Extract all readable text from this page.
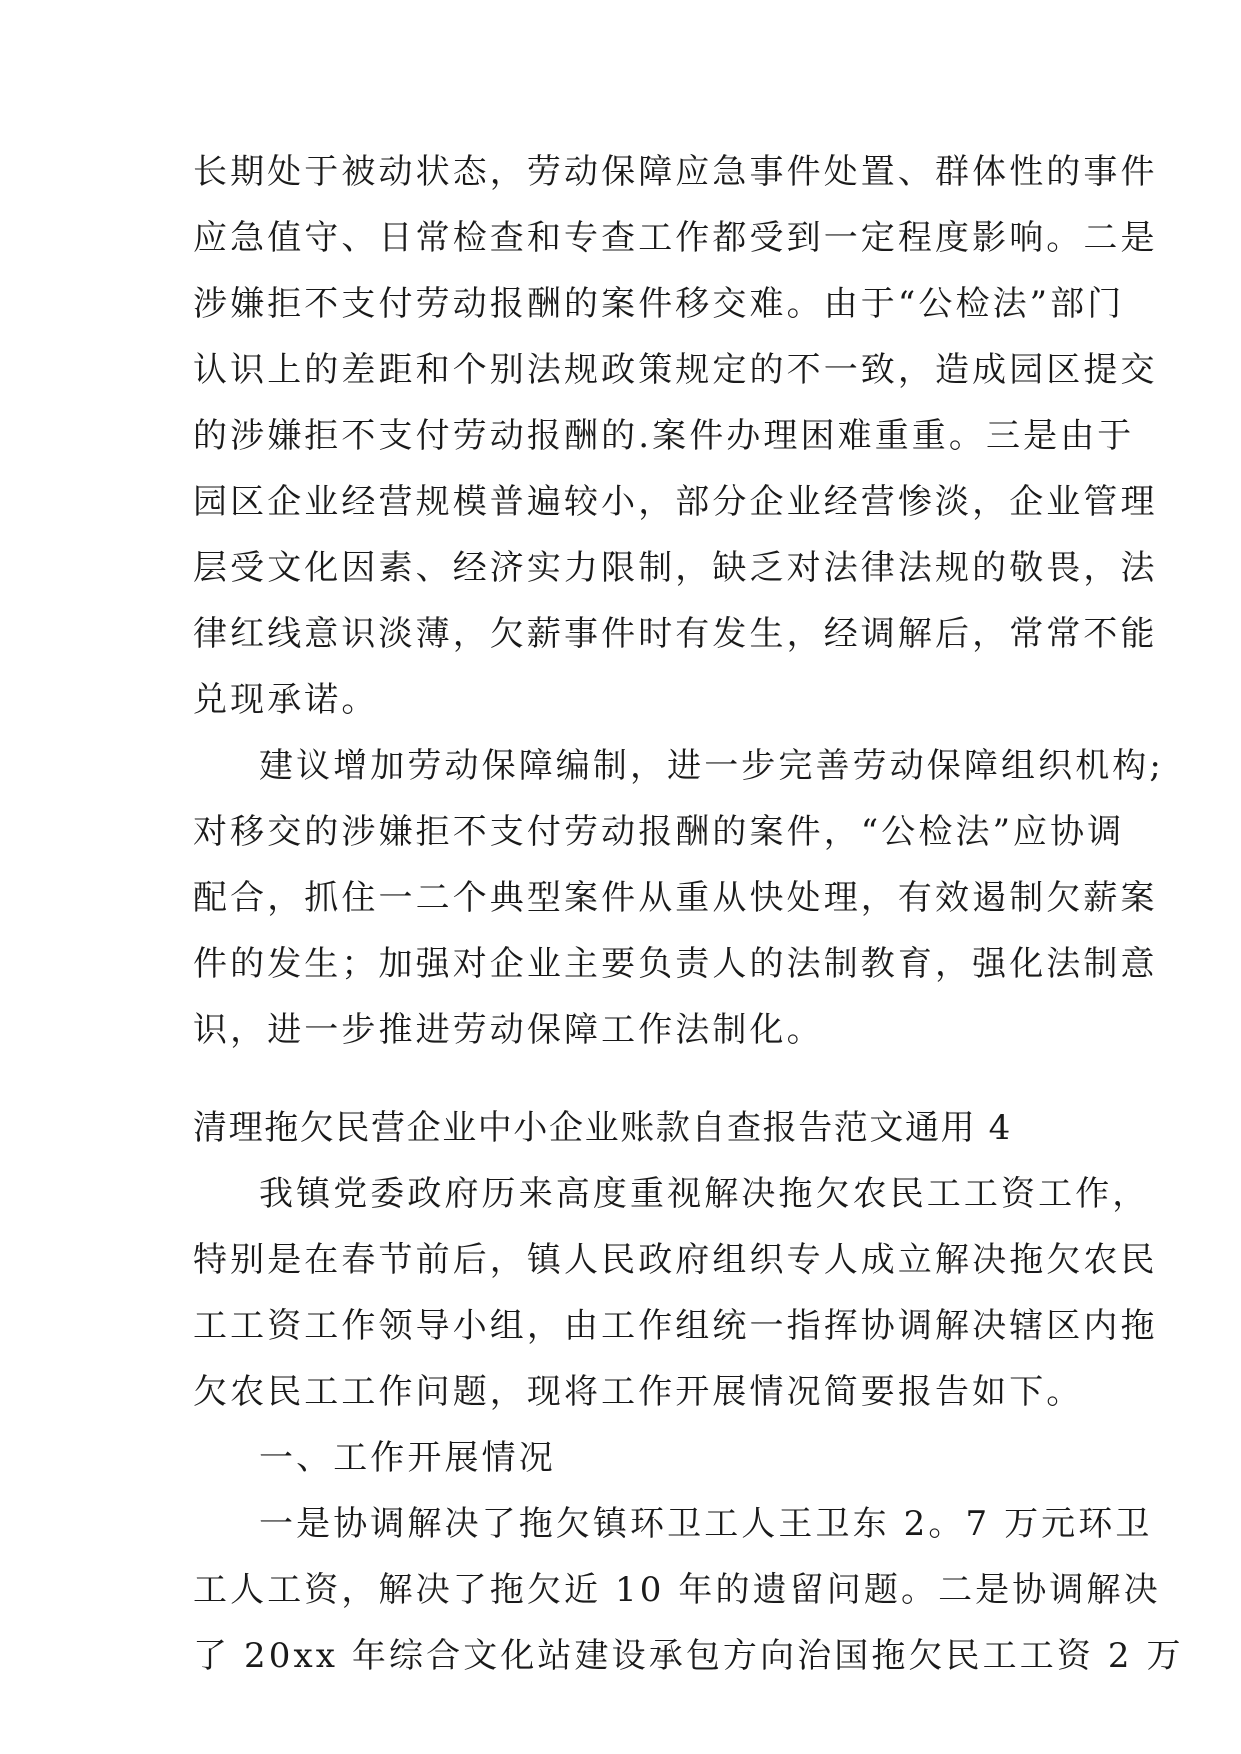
长期处于被动状态，劳动保障应急事件处置、群体性的事件
应急值守、日常检查和专查工作都受到一定程度影响。二是
涉嫌拒不支付劳动报酬的案件移交难。由于“公检法”部门
认识上的差距和个别法规政策规定的不一致，造成园区提交
的涉嫌拒不支付劳动报酬的.案件办理困难重重。三是由于
园区企业经营规模普遍较小，部分企业经营惨淡，企业管理
层受文化因素、经济实力限制，缺乏对法律法规的敬畏，法
律红线意识淡薄，欠薪事件时有发生，经调解后，常常不能
兑现承诺。
建议增加劳动保障编制，进一步完善劳动保障组织机构;
对移交的涉嫌拒不支付劳动报酬的案件，“公检法”应协调
配合，抓住一二个典型案件从重从快处理，有效遏制欠薪案
件的发生；加强对企业主要负责人的法制教育，强化法制意
识，进一步推进劳动保障工作法制化。
清理拖欠民营企业中小企业账款自查报告范文通用 4
我镇党委政府历来高度重视解决拖欠农民工工资工作，
特别是在春节前后，镇人民政府组织专人成立解决拖欠农民
工工资工作领导小组，由工作组统一指挥协调解决辖区内拖
欠农民工工作问题，现将工作开展情况简要报告如下。
一、工作开展情况
一是协调解决了拖欠镇环卫工人王卫东 2。7 万元环卫
工人工资，解决了拖欠近 10 年的遗留问题。二是协调解决
了 20xx 年综合文化站建设承包方向治国拖欠民工工资 2 万
